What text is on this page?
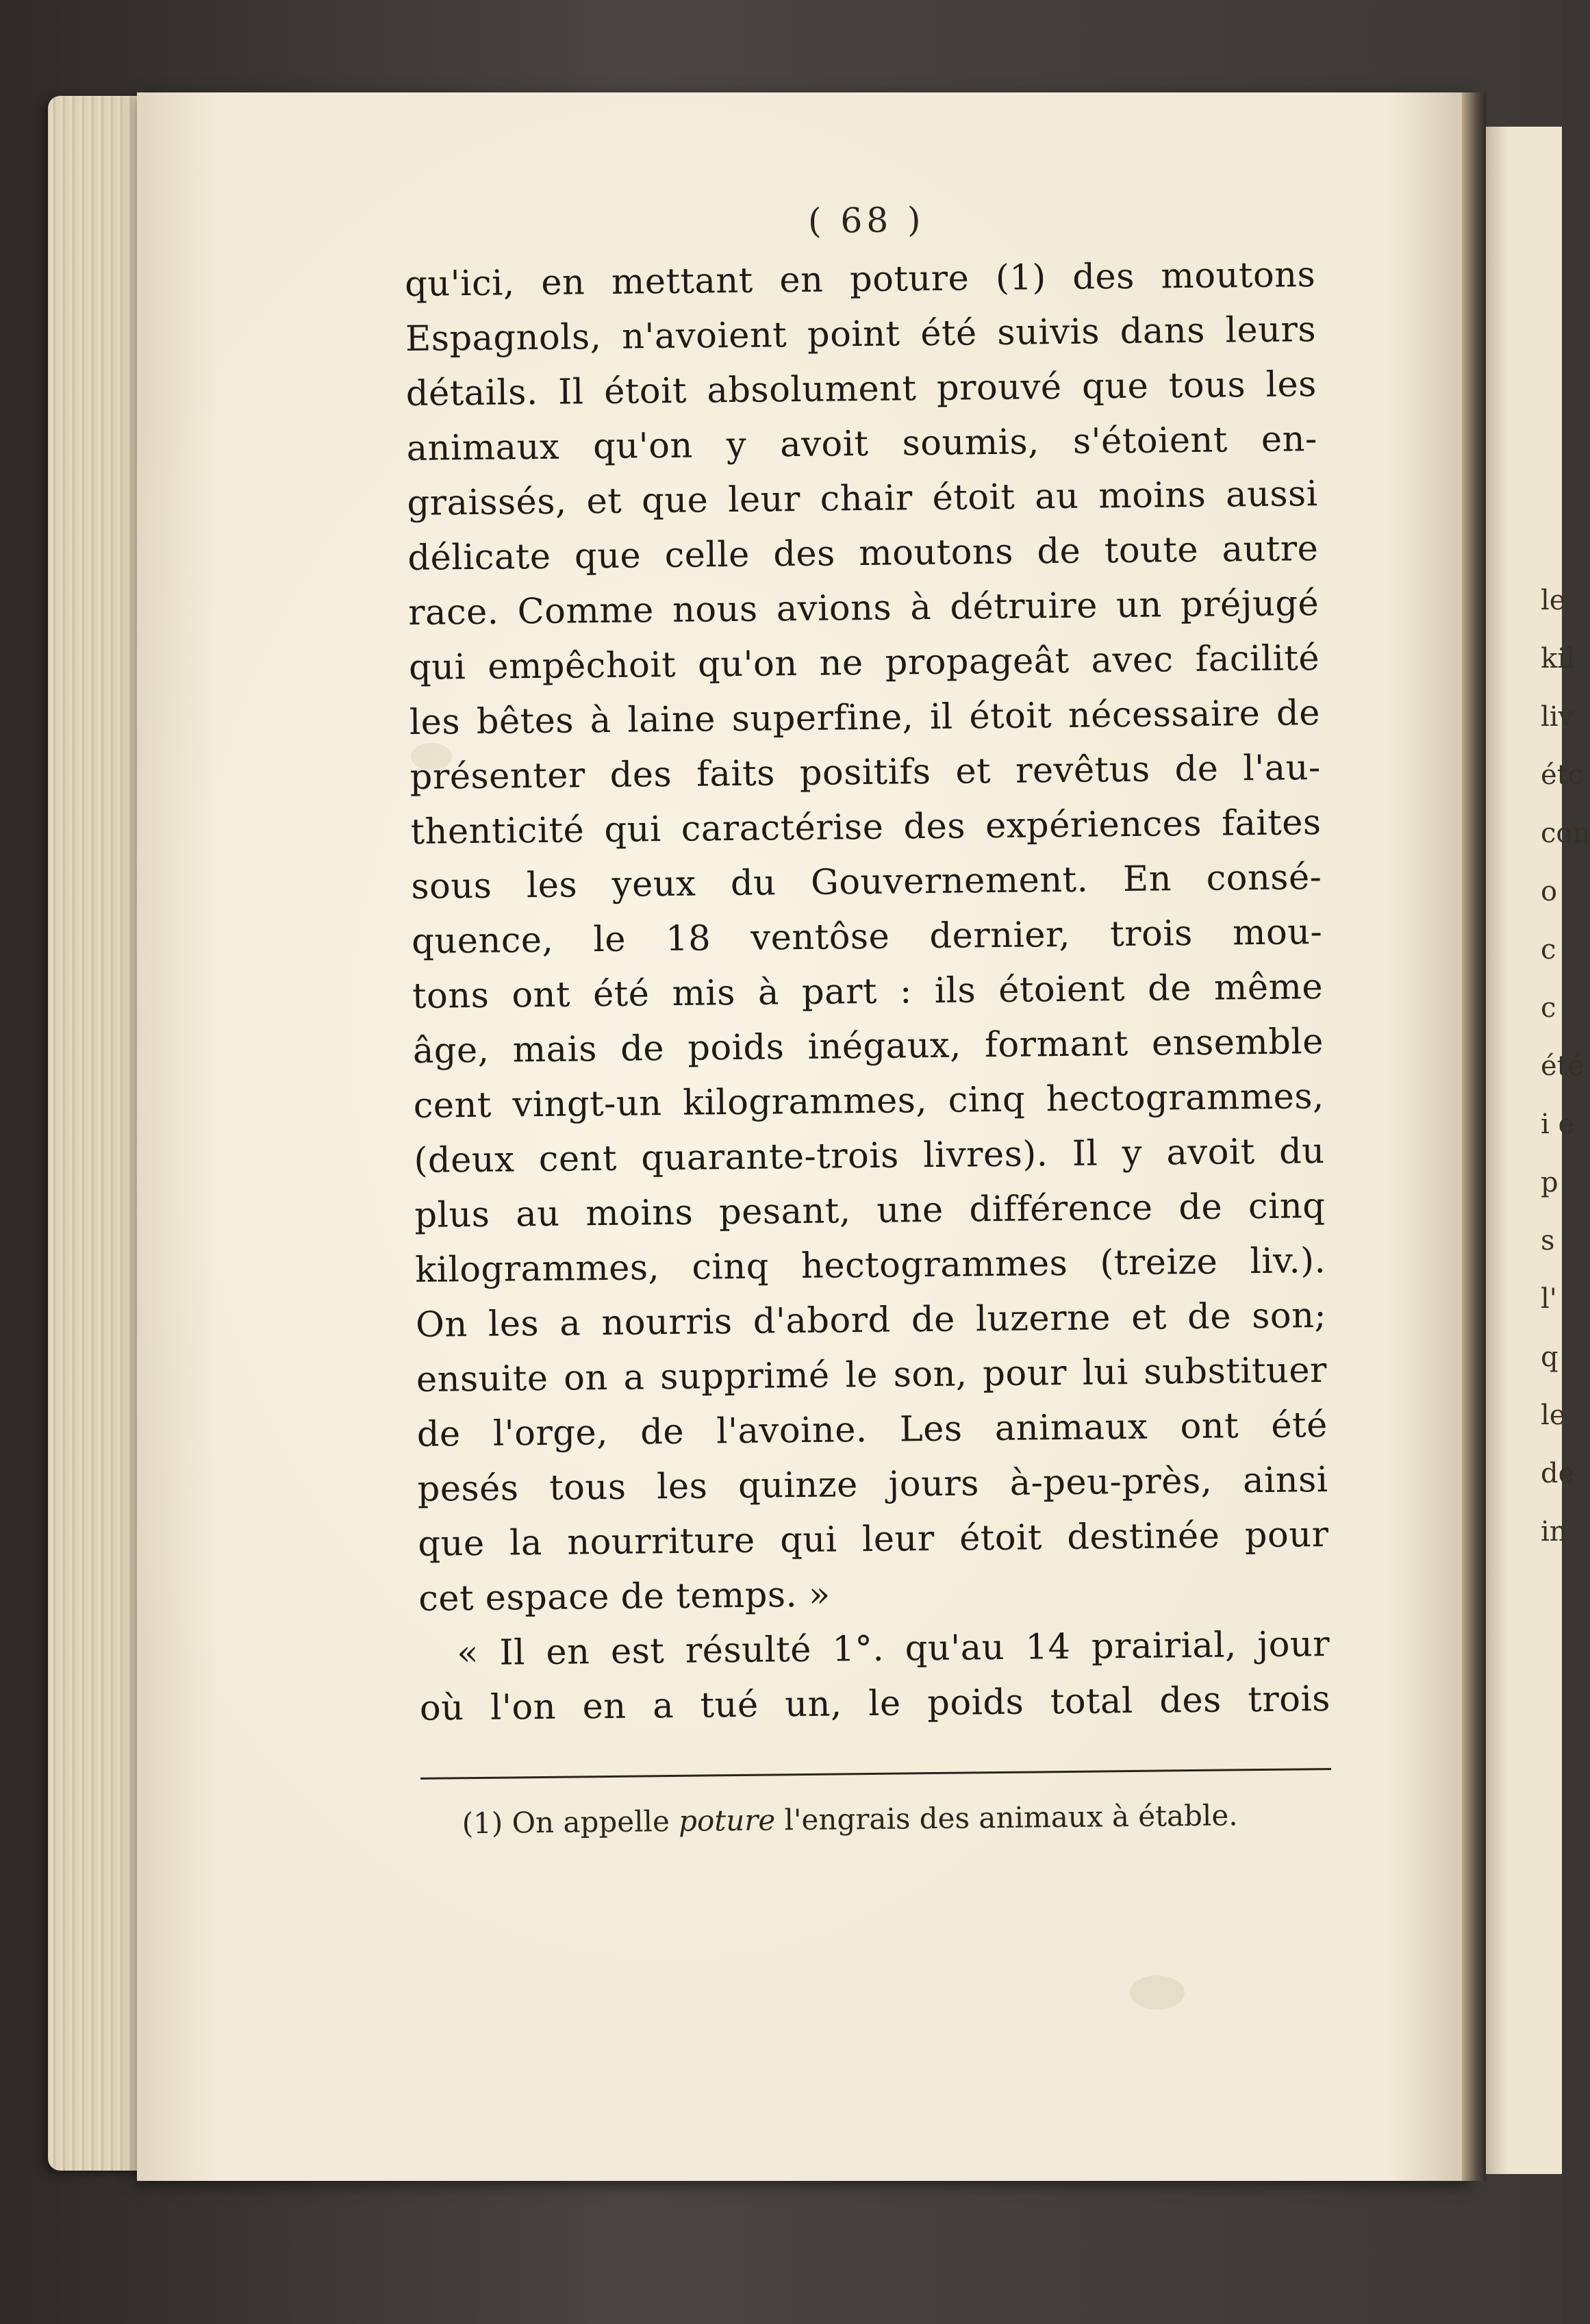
le
kil
liv
étc
con
o
c
c
été
i e
p
s
l'
q
le
de
in
( 68 )
qu'ici, en mettant en poture (1) des moutons
Espagnols, n'avoient point été suivis dans leurs
détails. Il étoit absolument prouvé que tous les
animaux qu'on y avoit soumis, s'étoient en-
graissés, et que leur chair étoit au moins aussi
délicate que celle des moutons de toute autre
race. Comme nous avions à détruire un préjugé
qui empêchoit qu'on ne propageât avec facilité
les bêtes à laine superfine, il étoit nécessaire de
présenter des faits positifs et revêtus de l'au-
thenticité qui caractérise des expériences faites
sous les yeux du Gouvernement. En consé-
quence, le 18 ventôse dernier, trois mou-
tons ont été mis à part : ils étoient de même
âge, mais de poids inégaux, formant ensemble
cent vingt-un kilogrammes, cinq hectogrammes,
(deux cent quarante-trois livres). Il y avoit du
plus au moins pesant, une différence de cinq
kilogrammes, cinq hectogrammes (treize liv.).
On les a nourris d'abord de luzerne et de son;
ensuite on a supprimé le son, pour lui substituer
de l'orge, de l'avoine. Les animaux ont été
pesés tous les quinze jours à-peu-près, ainsi
que la nourriture qui leur étoit destinée pour
cet espace de temps. »
« Il en est résulté 1°. qu'au 14 prairial, jour
où l'on en a tué un, le poids total des trois
(1) On appelle poture l'engrais des animaux à étable.
